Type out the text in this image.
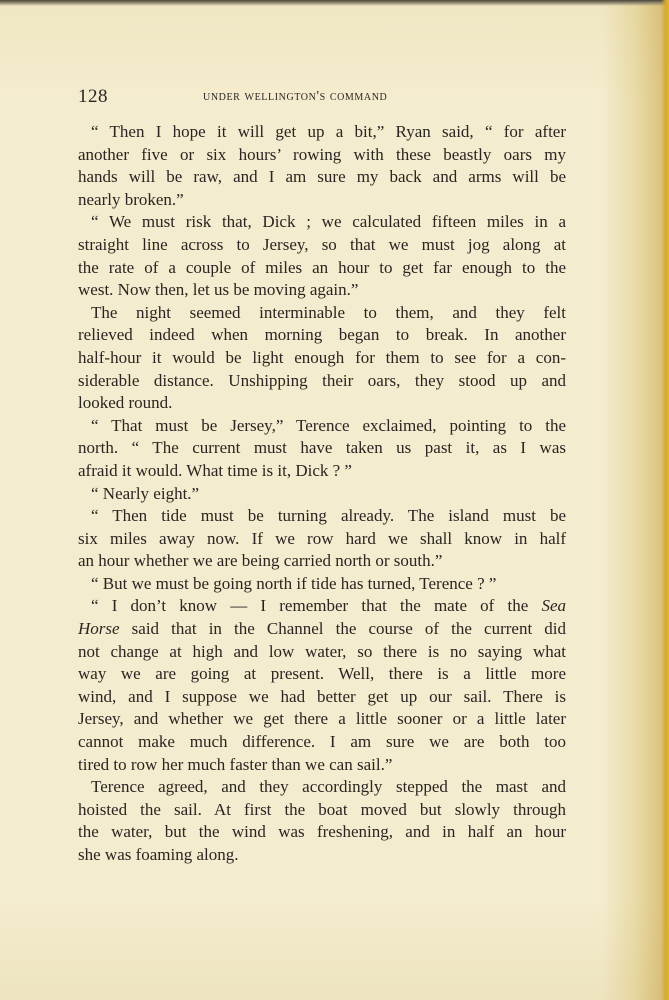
128	under wellington's command
“ Then I hope it will get up a bit,” Ryan said, “ for after
another five or six hours’ rowing with these beastly oars my
hands will be raw, and I am sure my back and arms will be
nearly broken.”
“ We must risk that, Dick ; we calculated fifteen miles in a
straight line across to Jersey, so that we must jog along at
the rate of a couple of miles an hour to get far enough to the
west. Now then, let us be moving again.”
The night seemed interminable to them, and they felt
relieved indeed when morning began to break. In another
half-hour it would be light enough for them to see for a con-
siderable distance. Unshipping their oars, they stood up and
looked round.
“ That must be Jersey,” Terence exclaimed, pointing to the
north. “ The current must have taken us past it, as I was
afraid it would. What time is it, Dick ? ”
“ Nearly eight.”
“ Then tide must be turning already. The island must be
six miles away now. If we row hard we shall know in half
an hour whether we are being carried north or south.”
“ But we must be going north if tide has turned, Terence ? ”
“ I don’t know — I remember that the mate of the Sea
Horse said that in the Channel the course of the current did
not change at high and low water, so there is no saying what
way we are going at present. Well, there is a little more
wind, and I suppose we had better get up our sail. There is
Jersey, and whether we get there a little sooner or a little later
cannot make much difference. I am sure we are both too
tired to row her much faster than we can sail.”
Terence agreed, and they accordingly stepped the mast and
hoisted the sail. At first the boat moved but slowly through
the water, but the wind was freshening, and in half an hour
she was foaming along.
